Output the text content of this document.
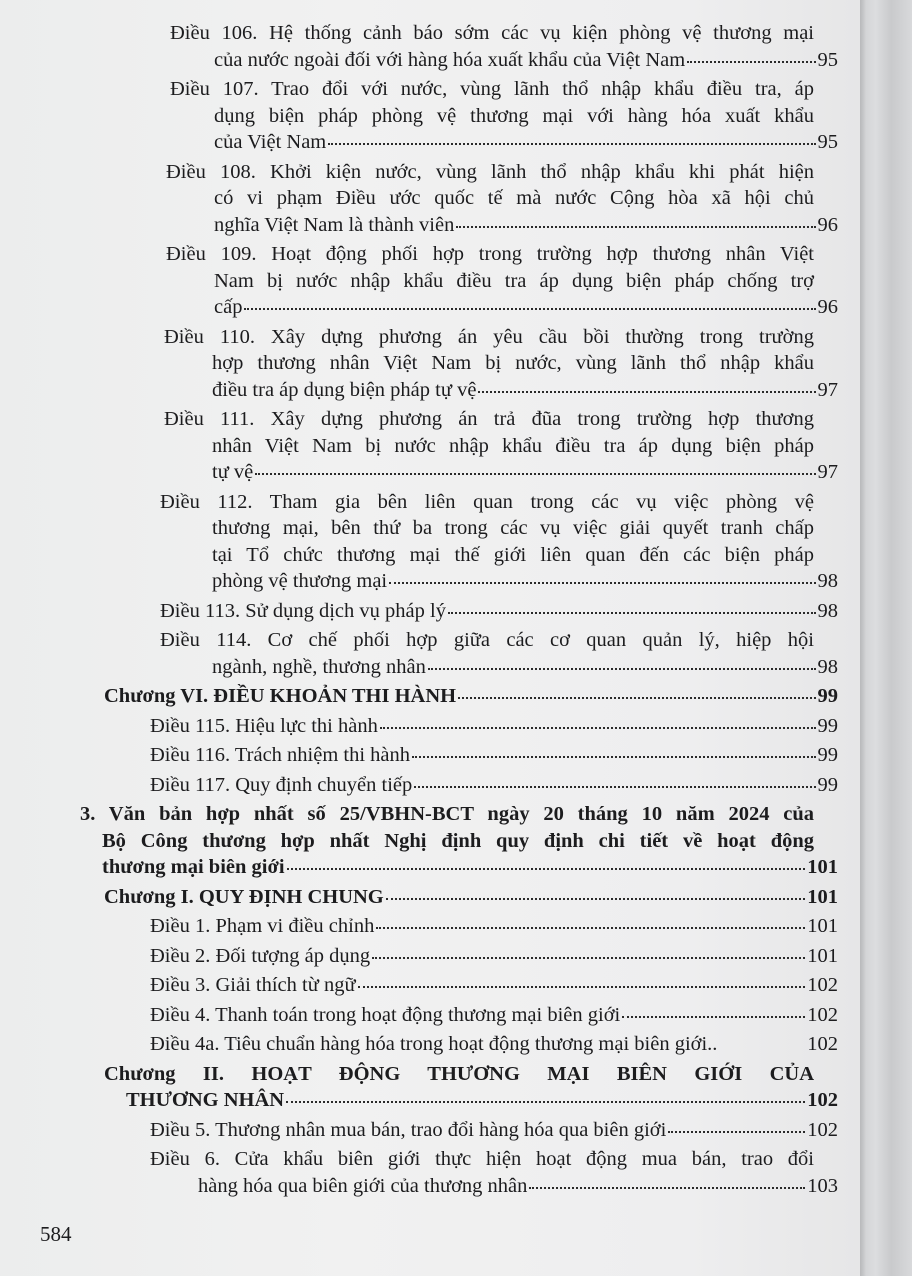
Điều 106. Hệ thống cảnh báo sớm các vụ kiện phòng vệ thương mại
của nước ngoài đối với hàng hóa xuất khẩu của Việt Nam	95
Điều 107. Trao đổi với nước, vùng lãnh thổ nhập khẩu điều tra, áp
dụng biện pháp phòng vệ thương mại với hàng hóa xuất khẩu
của Việt Nam	95
Điều 108. Khởi kiện nước, vùng lãnh thổ nhập khẩu khi phát hiện
có vi phạm Điều ước quốc tế mà nước Cộng hòa xã hội chủ
nghĩa Việt Nam là thành viên	96
Điều 109. Hoạt động phối hợp trong trường hợp thương nhân Việt
Nam bị nước nhập khẩu điều tra áp dụng biện pháp chống trợ
cấp	96
Điều 110. Xây dựng phương án yêu cầu bồi thường trong trường
hợp thương nhân Việt Nam bị nước, vùng lãnh thổ nhập khẩu
điều tra áp dụng biện pháp tự vệ	97
Điều 111. Xây dựng phương án trả đũa trong trường hợp thương
nhân Việt Nam bị nước nhập khẩu điều tra áp dụng biện pháp
tự vệ	97
Điều 112. Tham gia bên liên quan trong các vụ việc phòng vệ
thương mại, bên thứ ba trong các vụ việc giải quyết tranh chấp
tại Tổ chức thương mại thế giới liên quan đến các biện pháp
phòng vệ thương mại	98
Điều 113. Sử dụng dịch vụ pháp lý	98
Điều 114. Cơ chế phối hợp giữa các cơ quan quản lý, hiệp hội
ngành, nghề, thương nhân	98
Chương VI. ĐIỀU KHOẢN THI HÀNH	99
Điều 115. Hiệu lực thi hành	99
Điều 116. Trách nhiệm thi hành	99
Điều 117. Quy định chuyển tiếp	99
3. Văn bản hợp nhất số 25/VBHN-BCT ngày 20 tháng 10 năm 2024 của
Bộ Công thương hợp nhất Nghị định quy định chi tiết về hoạt động
thương mại biên giới	101
Chương I. QUY ĐỊNH CHUNG	101
Điều 1. Phạm vi điều chỉnh	101
Điều 2. Đối tượng áp dụng	101
Điều 3. Giải thích từ ngữ	102
Điều 4. Thanh toán trong hoạt động thương mại biên giới	102
Điều 4a. Tiêu chuẩn hàng hóa trong hoạt động thương mại biên giới..	102
Chương II. HOẠT ĐỘNG THƯƠNG MẠI BIÊN GIỚI CỦA
THƯƠNG NHÂN	102
Điều 5. Thương nhân mua bán, trao đổi hàng hóa qua biên giới	102
Điều 6. Cửa khẩu biên giới thực hiện hoạt động mua bán, trao đổi
hàng hóa qua biên giới của thương nhân	103
584
